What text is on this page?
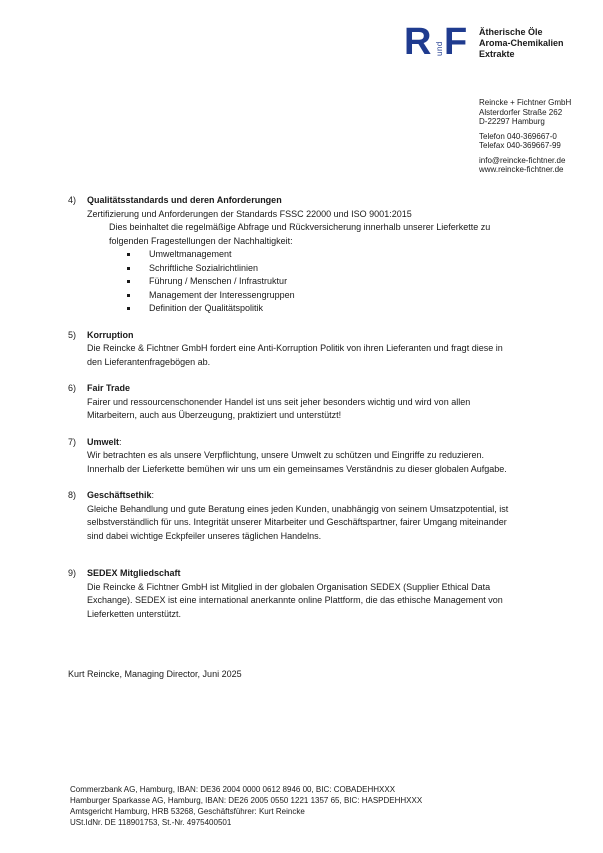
R und F Ätherische Öle
Aroma-Chemikalien
Extrakte
Reincke + Fichtner GmbH
Alsterdorfer Straße 262
D-22297 Hamburg
Telefon 040-369667-0
Telefax 040-369667-99
info@reincke-fichtner.de
www.reincke-fichtner.de
4) Qualitätsstandards und deren Anforderungen

Zertifizierung und Anforderungen der Standards FSSC 22000 und ISO 9001:2015

Dies beinhaltet die regelmäßige Abfrage und Rückversicherung innerhalb unserer Lieferkette zu

folgenden Fragestellungen der Nachhaltigkeit:

Umweltmanagement
Schriftliche Sozialrichtlinien
Führung / Menschen / Infrastruktur
Management der Interessengruppen
Definition der Qualitätspolitik
5) Korruption

Die Reincke & Fichtner GmbH fordert eine Anti-Korruption Politik von ihren Lieferanten und fragt diese in

den Lieferantenfragebögen ab.

6) Fair Trade

Fairer und ressourcenschonender Handel ist uns seit jeher besonders wichtig und wird von allen

Mitarbeitern, auch aus Überzeugung, praktiziert und unterstützt!

7) Umwelt:

Wir betrachten es als unsere Verpflichtung, unsere Umwelt zu schützen und Eingriffe zu reduzieren.

Innerhalb der Lieferkette bemühen wir uns um ein gemeinsames Verständnis zu dieser globalen Aufgabe.

8) Geschäftsethik:

Gleiche Behandlung und gute Beratung eines jeden Kunden, unabhängig von seinem Umsatzpotential, ist

selbstverständlich für uns. Integrität unserer Mitarbeiter und Geschäftspartner, fairer Umgang miteinander

sind dabei wichtige Eckpfeiler unseres täglichen Handelns.

9) SEDEX Mitgliedschaft

Die Reincke & Fichtner GmbH ist Mitglied in der globalen Organisation SEDEX (Supplier Ethical Data

Exchange). SEDEX ist eine international anerkannte online Plattform, die das ethische Management von

Lieferketten unterstützt.

Kurt Reincke, Managing Director, Juni 2025
Commerzbank AG, Hamburg, IBAN: DE36 2004 0000 0612 8946 00, BIC: COBADEHHXXX
Hamburger Sparkasse AG, Hamburg, IBAN: DE26 2005 0550 1221 1357 65, BIC: HASPDEHHXXX
Amtsgericht Hamburg, HRB 53268, Geschäftsführer: Kurt Reincke
USt.IdNr. DE 118901753, St.-Nr. 4975400501
